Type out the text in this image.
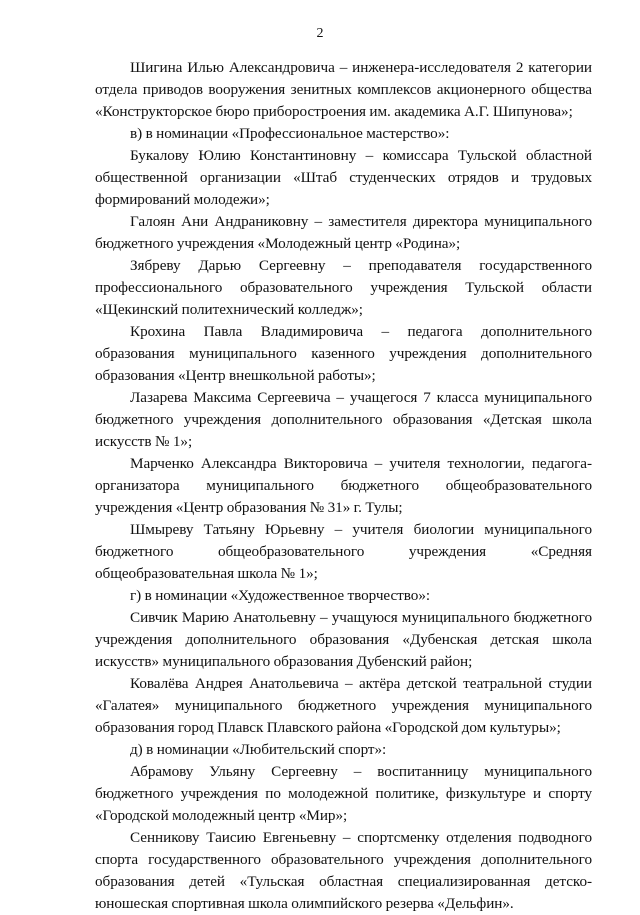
2

Шигина Илью Александровича – инженера-исследователя 2 категории отдела приводов вооружения зенитных комплексов акционерного общества «Конструкторское бюро приборостроения им. академика А.Г. Шипунова»;

в) в номинации «Профессиональное мастерство»:

Букалову Юлию Константиновну – комиссара Тульской областной общественной организации «Штаб студенческих отрядов и трудовых формирований молодежи»;

Галоян Ани Андраниковну – заместителя директора муниципального бюджетного учреждения «Молодежный центр «Родина»;

Зябреву Дарью Сергеевну – преподавателя государственного профессионального образовательного учреждения Тульской области «Щекинский политехнический колледж»;

Крохина Павла Владимировича – педагога дополнительного образования муниципального казенного учреждения дополнительного образования «Центр внешкольной работы»;

Лазарева Максима Сергеевича – учащегося 7 класса муниципального бюджетного учреждения дополнительного образования «Детская школа искусств № 1»;

Марченко Александра Викторовича – учителя технологии, педагога-организатора муниципального бюджетного общеобразовательного учреждения «Центр образования № 31» г. Тулы;

Шмыреву Татьяну Юрьевну – учителя биологии муниципального бюджетного общеобразовательного учреждения «Средняя общеобразовательная школа № 1»;

г) в номинации «Художественное творчество»:

Сивчик Марию Анатольевну – учащуюся муниципального бюджетного учреждения дополнительного образования «Дубенская детская школа искусств» муниципального образования Дубенский район;

Ковалёва Андрея Анатольевича – актёра детской театральной студии «Галатея» муниципального бюджетного учреждения муниципального образования город Плавск Плавского района «Городской дом культуры»;

д) в номинации «Любительский спорт»:

Абрамову Ульяну Сергеевну – воспитанницу муниципального бюджетного учреждения по молодежной политике, физкультуре и спорту «Городской молодежный центр «Мир»;

Сенникову Таисию Евгеньевну – спортсменку отделения подводного спорта государственного образовательного учреждения дополнительного образования детей «Тульская областная специализированная детско-юношеская спортивная школа олимпийского резерва «Дельфин».
